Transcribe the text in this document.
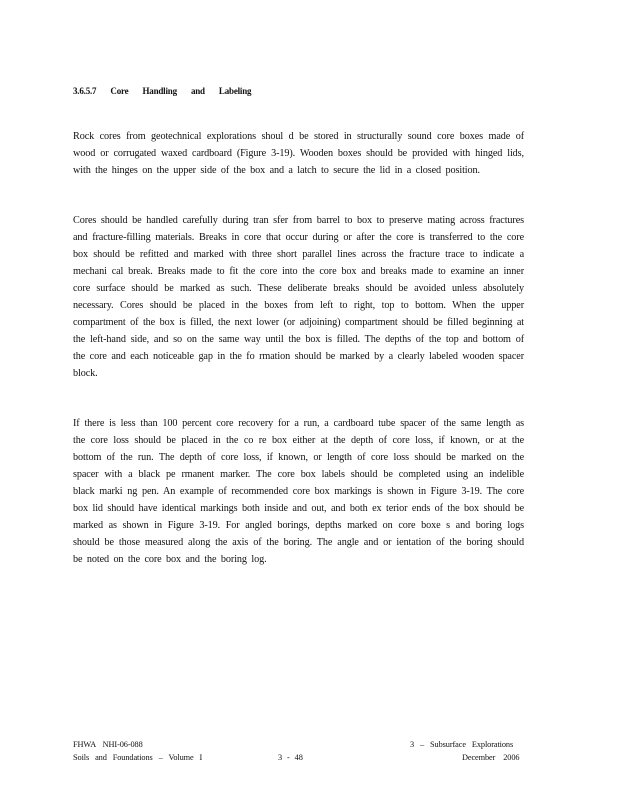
3.6.5.7 Core Handling and Labeling

Rock cores from geotechnical explorations shoul d be stored in structurally sound core boxes made of wood or corrugated waxed cardboard (Figure 3-19). Wooden boxes should be provided with hinged lids, with the hinges on the upper side of the box and a latch to secure the lid in a closed position.

Cores should be handled carefully during tran sfer from barrel to box to preserve mating across fractures and fracture-filling materials. Breaks in core that occur during or after the core is transferred to the core box should be refitted and marked with three short parallel lines across the fracture trace to indicate a mechani cal break. Breaks made to fit the core into the core box and breaks made to examine an inner core surface should be marked as such. These deliberate breaks should be avoided unless absolutely necessary. Cores should be placed in the boxes from left to right, top to bottom. When the upper compartment of the box is filled, the next lower (or adjoining) compartment should be filled beginning at the left-hand side, and so on the same way until the box is filled. The depths of the top and bottom of the core and each noticeable gap in the fo rmation should be marked by a clearly labeled wooden spacer block.

If there is less than 100 percent core recovery for a run, a cardboard tube spacer of the same length as the core loss should be placed in the co re box either at the depth of core loss, if known, or at the bottom of the run. The depth of core loss, if known, or length of core loss should be marked on the spacer with a black pe rmanent marker. The core box labels should be completed using an indelible black marki ng pen. An example of recommended core box markings is shown in Figure 3-19. The core box lid should have identical markings both inside and out, and both ex terior ends of the box should be marked as shown in Figure 3-19. For angled borings, depths marked on core boxe s and boring logs should be those measured along the axis of the boring. The angle and or ientation of the boring should be noted on the core box and the boring log.

FHWA NHI-06-088
Soils and Foundations – Volume I	3 - 48
3 – Subsurface Explorations
December 2006
